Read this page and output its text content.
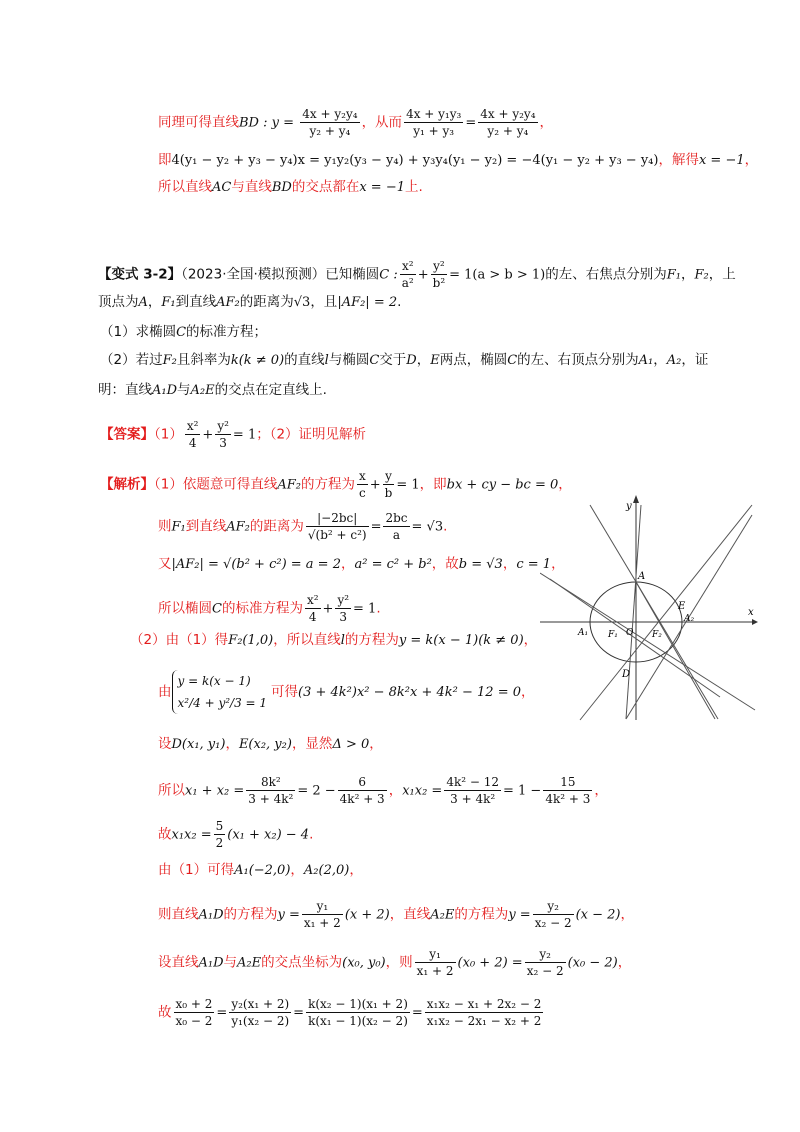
同理可得直线BD : $y = \frac{\text{4x + y₂y₄}}{\text{y₂ + y₄}}$ ，从而 $\frac{\text{4x + y₁y₃}}{\text{y₁ + y₃}} = \frac{\text{4x + y₂y₄}}{\text{y₂ + y₄}}$ ，
即4(y₁ − y₂ + y₃ − y₄)x = y₁y₂(y₃ − y₄) + y₃y₄(y₁ − y₂) = −4(y₁ − y₂ + y₃ − y₄)，解得x = −1，
所以直线AC与直线BD的交点都在x = −1上.
【变式 3-2】（2023·全国·模拟预测）已知椭圆C : $\frac{\text{x²}}{\text{a²}} + \frac{\text{y²}}{\text{b²}} = 1(a > b > 1)$的左、右焦点分别为F₁，F₂，上
顶点为A，F₁到直线AF₂的距离为√3，且|AF₂| = 2.
（1）求椭圆C的标准方程；
（2）若过F₂且斜率为k(k ≠ 0)的直线l与椭圆C交于D，E两点，椭圆C的左、右顶点分别为A₁，A₂，证
明：直线A₁D与A₂E的交点在定直线上.
【答案】$(1) \frac{\text{x²}}{4} + \frac{\text{y²}}{3} = 1$；（2）证明见解析
【解析】（1）依题意可得直线AF₂的方程为 $\frac{x}{c} + \frac{y}{b} = 1$，即bx + cy − bc = 0，
则F₁到直线AF₂的距离为 $\frac{|-2bc|}{\text{√(b² + c²)}} = \frac{2bc}{a} = √3$.
又|AF₂| = √(b² + c²) = a = 2，a² = c² + b²，故b = √3，c = 1，
所以椭圆C的标准方程为 $\frac{\text{x²}}{4} + \frac{\text{y²}}{3} = 1$.
（2）由（1）得F₂(1,0)，所以直线l的方程为y = k(x − 1)(k ≠ 0)，
由
y = k(x − 1)
x²/4 + y²/3 = 1
可得(3 + 4k²)x² − 8k²x + 4k² − 12 = 0，
设D(x₁, y₁)，E(x₂, y₂)，显然Δ > 0，
所以$x_1 + x_2 = \frac{\text{8k²}}{\text{3 + 4k²}} = 2 - \frac{6}{\text{4k² + 3}}$ ，$x_1x_2 = \frac{\text{4k² − 12}}{\text{3 + 4k²}} = 1 - \frac{15}{\text{4k² + 3}}$ ，
故$x_1x_2 = \frac{5}{2} (x_1 + x_2) - 4$.
由（1）可得A₁(−2,0)，A₂(2,0)，
则直线A₁D的方程为$y = \frac{\text{y₁}}{\text{x₁ + 2}} (x + 2)$，直线A₂E的方程为$y = \frac{\text{y₂}}{\text{x₂ − 2}} (x - 2)$，
设直线A₁D与A₂E的交点坐标为(x₀, y₀)，则 $\frac{\text{y₁}}{\text{x₁ + 2}} (x_0 + 2) = \frac{\text{y₂}}{\text{x₂ − 2}} (x_0 - 2)$，
故 $\frac{\text{x₀ + 2}}{\text{x₀ − 2}} = \frac{\text{y₂(x₁ + 2)}}{\text{y₁(x₂ − 2)}} = \frac{\text{k(x₂ − 1)(x₁ + 2)}}{\text{k(x₁ − 1)(x₂ − 2)}} = \frac{\text{x₁x₂ − x₁ + 2x₂ − 2}}{\text{x₁x₂ − 2x₁ − x₂ + 2}}$
y
x
A
E
A₁ F₁ O F₂
A₂
D
